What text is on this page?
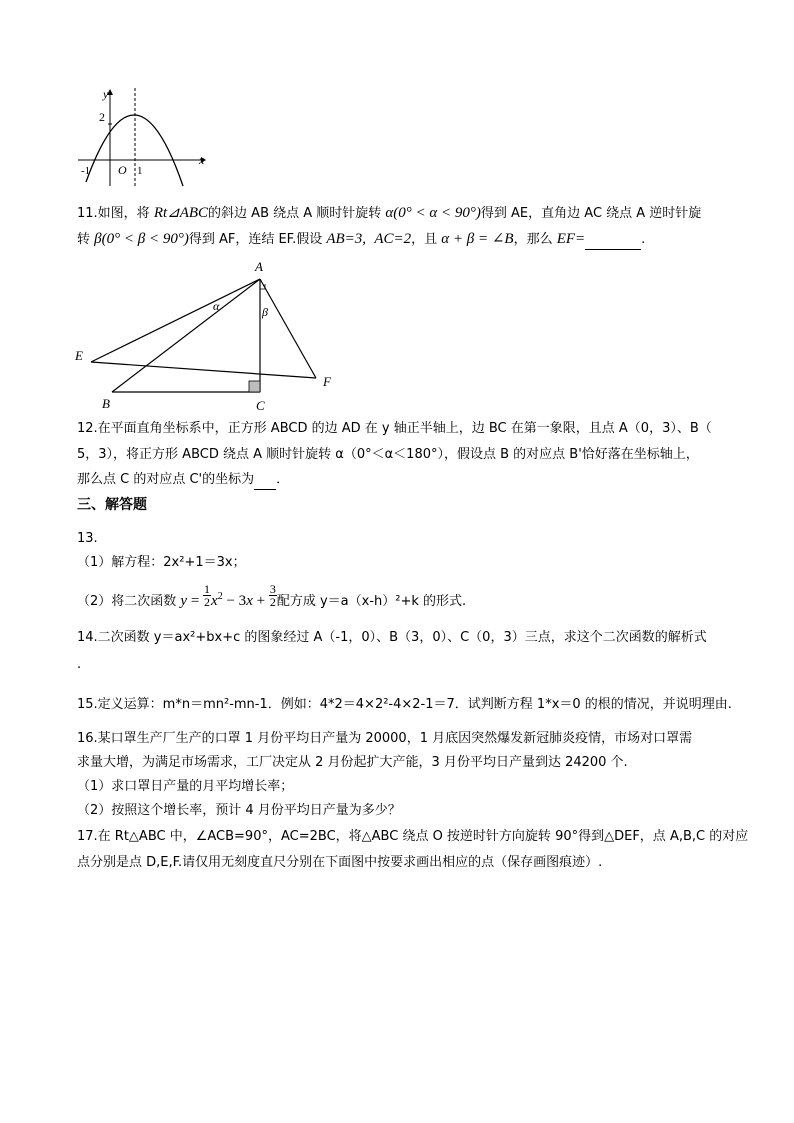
y
x
2
-1 O 1
11.如图，将 Rt⊿ABC的斜边 AB 绕点 A 顺时针旋转 α(0° < α < 90°)得到 AE，直角边 AC 绕点 A 逆时针旋
转 β(0° < β < 90°)得到 AF，连结 EF.假设 AB=3, AC=2，且 α + β = ∠B，那么 EF=	.
A
α	β
E
F
B	C
12.在平面直角坐标系中，正方形 ABCD 的边 AD 在 y 轴正半轴上，边 BC 在第一象限，且点 A（0，3）、B（
5，3），将正方形 ABCD 绕点 A 顺时针旋转 α（0°＜α＜180°），假设点 B 的对应点 B'恰好落在坐标轴上，
那么点 C 的对应点 C'的坐标为 ．
三、解答题
13.
（1）解方程：2x²+1＝3x；
（2）将二次函数 $y = \frac{1}{2} x^2 - 3x + \frac{3}{2}$ 配方成 y＝a（x-h）²+k 的形式.
14.二次函数 y＝ax²+bx+c 的图象经过 A（-1，0）、B（3，0）、C（0，3）三点，求这个二次函数的解析式
.
15.定义运算：m*n＝mn²-mn-1．例如：4*2＝4×2²-4×2-1＝7．试判断方程 1*x＝0 的根的情况，并说明理由.
16.某口罩生产厂生产的口罩 1 月份平均日产量为 20000，1 月底因突然爆发新冠肺炎疫情，市场对口罩需
求量大增，为满足市场需求，工厂决定从 2 月份起扩大产能，3 月份平均日产量到达 24200 个.
（1）求口罩日产量的月平均增长率；
（2）按照这个增长率，预计 4 月份平均日产量为多少？
17.在 Rt△ABC 中，∠ACB=90°，AC=2BC，将△ABC 绕点 O 按逆时针方向旋转 90°得到△DEF，点 A,B,C 的对应
点分别是点 D,E,F.请仅用无刻度直尺分别在下面图中按要求画出相应的点（保存画图痕迹）.
